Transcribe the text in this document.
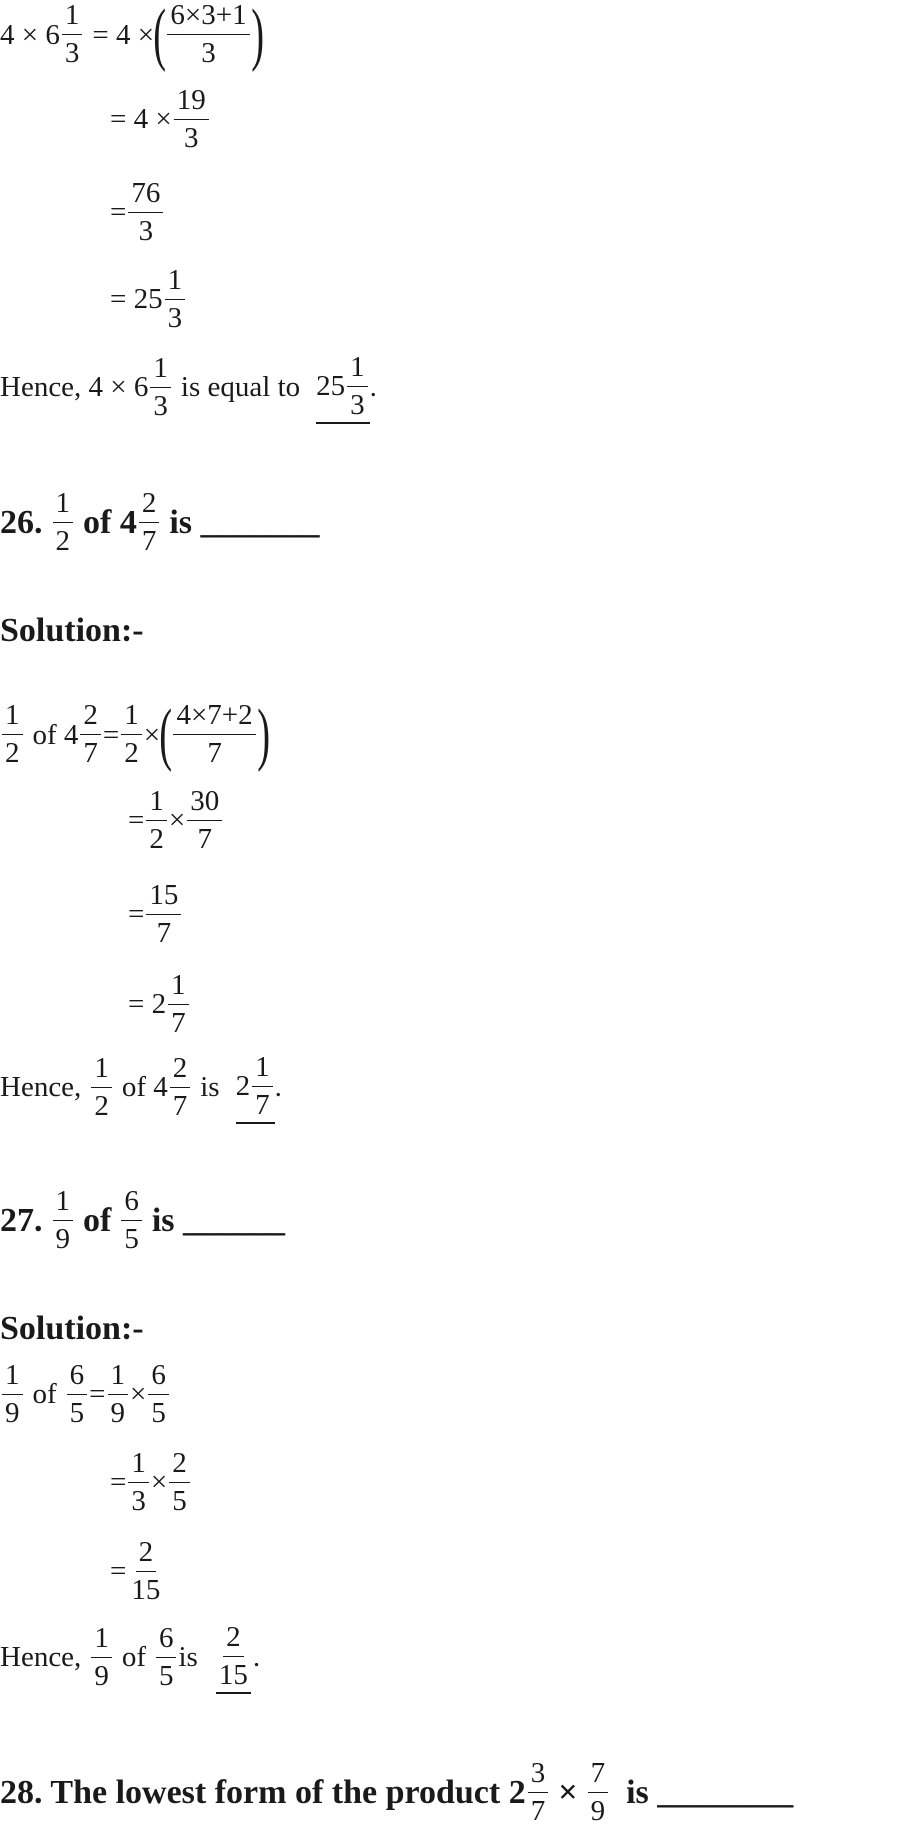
$4 \times 6 \frac{1}{3} = 4$ × ( $\frac{6\times 3+1}{3}$ )
= $4 \times \frac{19}{3}$
= $\frac{76}{3}$
= $25 \frac{1}{3}$
Hence, $4 \times 6 \frac{1}{3}$ is equal to $25 \frac{1}{3}$ .
26. $\frac{1}{2}$ of $4 \frac{2}{7}$ is _______
Solution:-
$\frac{1}{2}$ of $4 \frac{2}{7} = \frac{1}{2}$ × ( $\frac{4\times 7+2}{7}$ )
= $\frac{1}{2} \times \frac{30}{7}$
= $\frac{15}{7}$
= $2 \frac{1}{7}$
Hence, $\frac{1}{2}$ of $4 \frac{2}{7}$ is $2 \frac{1}{7}$ .
27. $\frac{1}{9}$ of $\frac{6}{5}$ is ______
Solution:-
$\frac{1}{9}$ of $\frac{6}{5} = \frac{1}{9} \times \frac{6}{5}$
= $\frac{1}{3} \times \frac{2}{5}$
= $\frac{2}{15}$
Hence, $\frac{1}{9}$ of $\frac{6}{5}$ is $\frac{2}{15}$ .
28. The lowest form of the product $2 \frac{3}{7} \times \frac{7}{9}$ is ________
